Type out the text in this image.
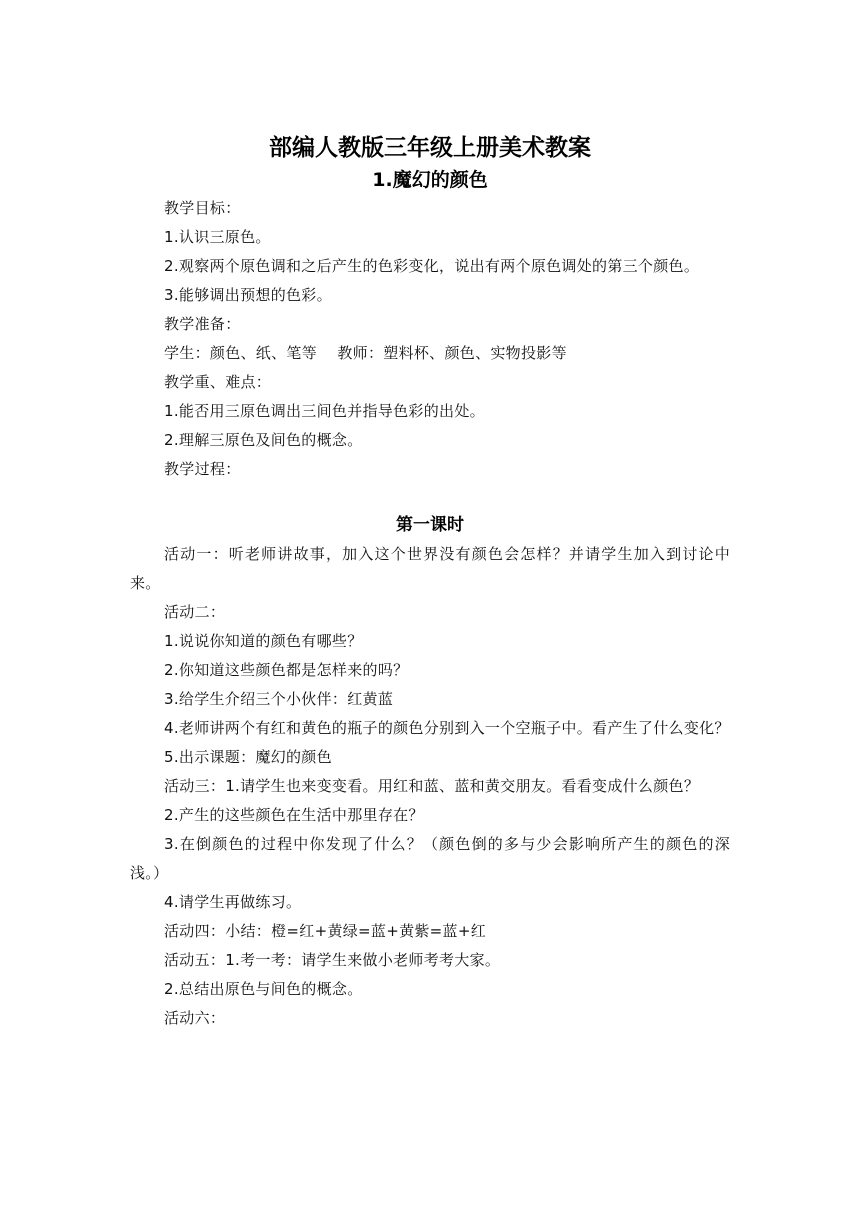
部编人教版三年级上册美术教案
1.魔幻的颜色

教学目标：

1.认识三原色。

2.观察两个原色调和之后产生的色彩变化，说出有两个原色调处的第三个颜色。

3.能够调出预想的色彩。

教学准备：

学生：颜色、纸、笔等　 教师：塑料杯、颜色、实物投影等

教学重、难点：

1.能否用三原色调出三间色并指导色彩的出处。

2.理解三原色及间色的概念。

教学过程：

第一课时

活动一：听老师讲故事，加入这个世界没有颜色会怎样？并请学生加入到讨论中来。

活动二：

1.说说你知道的颜色有哪些？

2.你知道这些颜色都是怎样来的吗？

3.给学生介绍三个小伙伴：红黄蓝

4.老师讲两个有红和黄色的瓶子的颜色分别到入一个空瓶子中。看产生了什么变化？

5.出示课题：魔幻的颜色

活动三：1.请学生也来变变看。用红和蓝、蓝和黄交朋友。看看变成什么颜色？

2.产生的这些颜色在生活中那里存在？

3.在倒颜色的过程中你发现了什么？（颜色倒的多与少会影响所产生的颜色的深浅。）

4.请学生再做练习。

活动四：小结：橙=红+黄绿=蓝+黄紫=蓝+红

活动五：1.考一考：请学生来做小老师考考大家。

2.总结出原色与间色的概念。

活动六：
